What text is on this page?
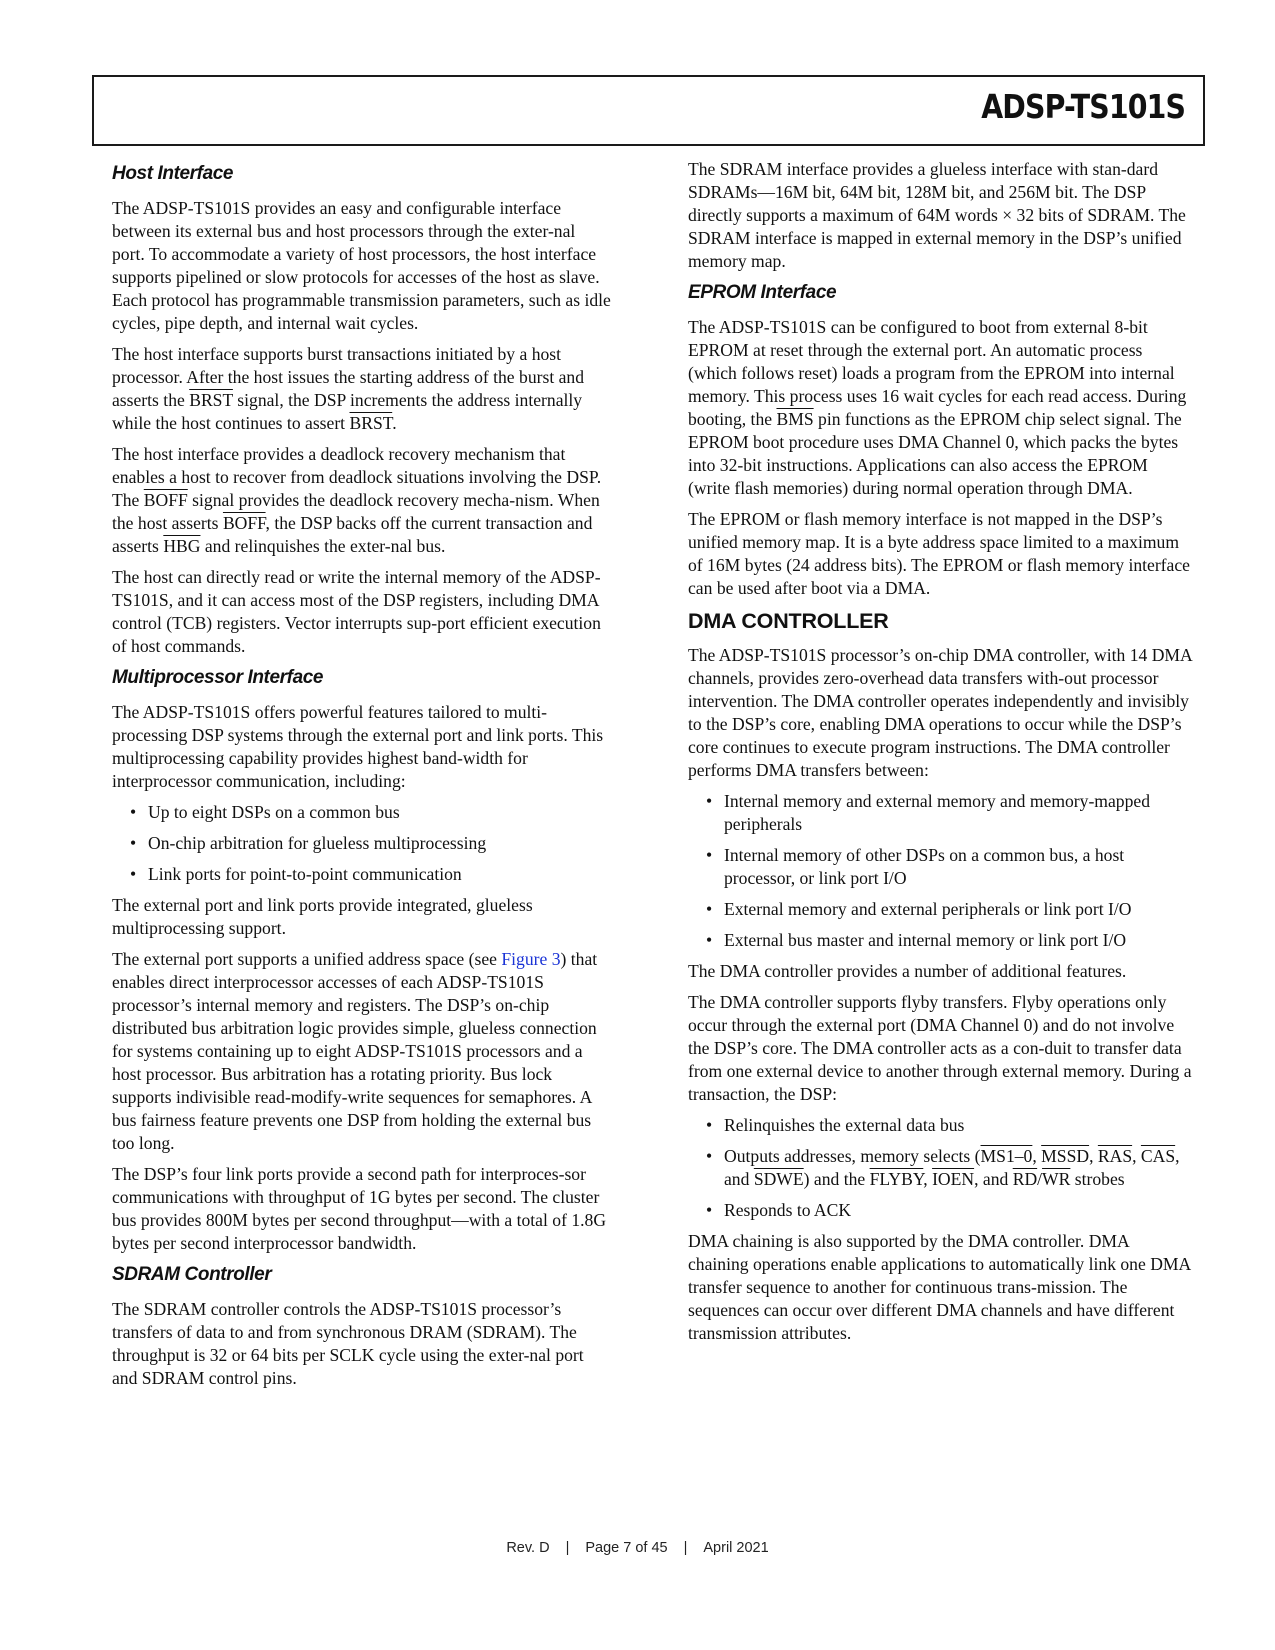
ADSP-TS101S
Host Interface

The ADSP-TS101S provides an easy and configurable interface between its external bus and host processors through the exter-nal port. To accommodate a variety of host processors, the host interface supports pipelined or slow protocols for accesses of the host as slave. Each protocol has programmable transmission parameters, such as idle cycles, pipe depth, and internal wait cycles.

The host interface supports burst transactions initiated by a host processor. After the host issues the starting address of the burst and asserts the BRST signal, the DSP increments the address internally while the host continues to assert BRST.

The host interface provides a deadlock recovery mechanism that enables a host to recover from deadlock situations involving the DSP. The BOFF signal provides the deadlock recovery mecha-nism. When the host asserts BOFF, the DSP backs off the current transaction and asserts $\overline{HBG}$ and relinquishes the exter-nal bus.

The host can directly read or write the internal memory of the ADSP-TS101S, and it can access most of the DSP registers, including DMA control (TCB) registers. Vector interrupts sup-port efficient execution of host commands.

Multiprocessor Interface

The ADSP-TS101S offers powerful features tailored to multi-processing DSP systems through the external port and link ports. This multiprocessing capability provides highest band-width for interprocessor communication, including:

• Up to eight DSPs on a common bus
• On-chip arbitration for glueless multiprocessing
• Link ports for point-to-point communication

The external port and link ports provide integrated, glueless multiprocessing support.

The external port supports a unified address space (see Figure 3) that enables direct interprocessor accesses of each ADSP-TS101S processor’s internal memory and registers. The DSP’s on-chip distributed bus arbitration logic provides simple, glueless connection for systems containing up to eight ADSP-TS101S processors and a host processor. Bus arbitration has a rotating priority. Bus lock supports indivisible read-modify-write sequences for semaphores. A bus fairness feature prevents one DSP from holding the external bus too long.

The DSP’s four link ports provide a second path for interproces-sor communications with throughput of 1G bytes per second. The cluster bus provides 800M bytes per second throughput—with a total of 1.8G bytes per second interprocessor bandwidth.

SDRAM Controller

The SDRAM controller controls the ADSP-TS101S processor’s transfers of data to and from synchronous DRAM (SDRAM). The throughput is 32 or 64 bits per SCLK cycle using the exter-nal port and SDRAM control pins.

The SDRAM interface provides a glueless interface with stan-dard SDRAMs—16M bit, 64M bit, 128M bit, and 256M bit. The DSP directly supports a maximum of 64M words × 32 bits of SDRAM. The SDRAM interface is mapped in external memory in the DSP’s unified memory map.

EPROM Interface

The ADSP-TS101S can be configured to boot from external 8-bit EPROM at reset through the external port. An automatic process (which follows reset) loads a program from the EPROM into internal memory. This process uses 16 wait cycles for each read access. During booting, the $\overline{BMS}$ pin functions as the EPROM chip select signal. The EPROM boot procedure uses DMA Channel 0, which packs the bytes into 32-bit instructions. Applications can also access the EPROM (write flash memories) during normal operation through DMA.

The EPROM or flash memory interface is not mapped in the DSP’s unified memory map. It is a byte address space limited to a maximum of 16M bytes (24 address bits). The EPROM or flash memory interface can be used after boot via a DMA.

DMA CONTROLLER

The ADSP-TS101S processor’s on-chip DMA controller, with 14 DMA channels, provides zero-overhead data transfers with-out processor intervention. The DMA controller operates independently and invisibly to the DSP’s core, enabling DMA operations to occur while the DSP’s core continues to execute program instructions. The DMA controller performs DMA transfers between:

• Internal memory and external memory and memory-mapped peripherals
• Internal memory of other DSPs on a common bus, a host processor, or link port I/O
• External memory and external peripherals or link port I/O
• External bus master and internal memory or link port I/O

The DMA controller provides a number of additional features.

The DMA controller supports flyby transfers. Flyby operations only occur through the external port (DMA Channel 0) and do not involve the DSP’s core. The DMA controller acts as a con-duit to transfer data from one external device to another through external memory. During a transaction, the DSP:

• Relinquishes the external data bus
• Outputs addresses, memory selects (MS1–0, MSSD, $\overline{RAS}$, $\overline{CAS}$, and SDWE) and the FLYBY, IOEN, and $\overline{RD}/\overline{WR}$ strobes
• Responds to ACK

DMA chaining is also supported by the DMA controller. DMA chaining operations enable applications to automatically link one DMA transfer sequence to another for continuous trans-mission. The sequences can occur over different DMA channels and have different transmission attributes.

Rev. D | Page 7 of 45 | April 2021
